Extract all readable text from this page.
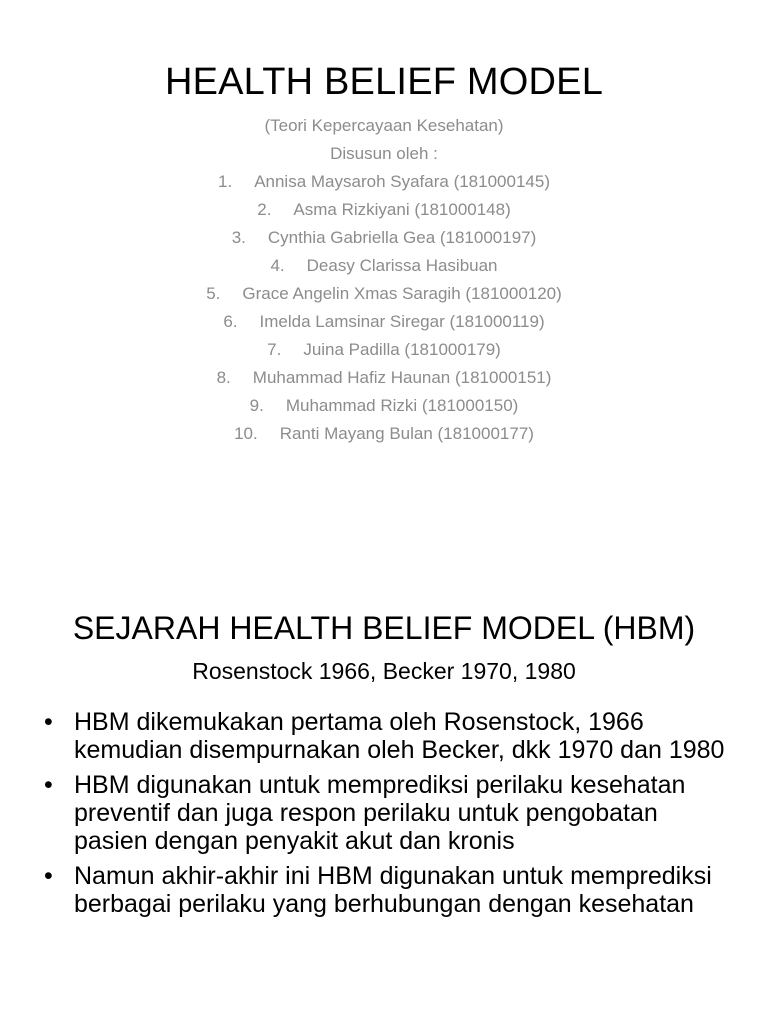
HEALTH BELIEF MODEL
(Teori Kepercayaan Kesehatan)
Disusun oleh :
1. Annisa Maysaroh Syafara (181000145)
2. Asma Rizkiyani (181000148)
3. Cynthia Gabriella Gea (181000197)
4. Deasy Clarissa Hasibuan
5. Grace Angelin Xmas Saragih (181000120)
6. Imelda Lamsinar Siregar (181000119)
7. Juina Padilla (181000179)
8. Muhammad Hafiz Haunan (181000151)
9. Muhammad Rizki (181000150)
10. Ranti Mayang Bulan (181000177)
SEJARAH HEALTH BELIEF MODEL (HBM)
Rosenstock 1966, Becker 1970, 1980
• HBM dikemukakan pertama oleh Rosenstock, 1966 kemudian disempurnakan oleh Becker, dkk 1970 dan 1980
• HBM digunakan untuk memprediksi perilaku kesehatan preventif dan juga respon perilaku untuk pengobatan pasien dengan penyakit akut dan kronis
• Namun akhir-akhir ini HBM digunakan untuk memprediksi berbagai perilaku yang berhubungan dengan kesehatan
